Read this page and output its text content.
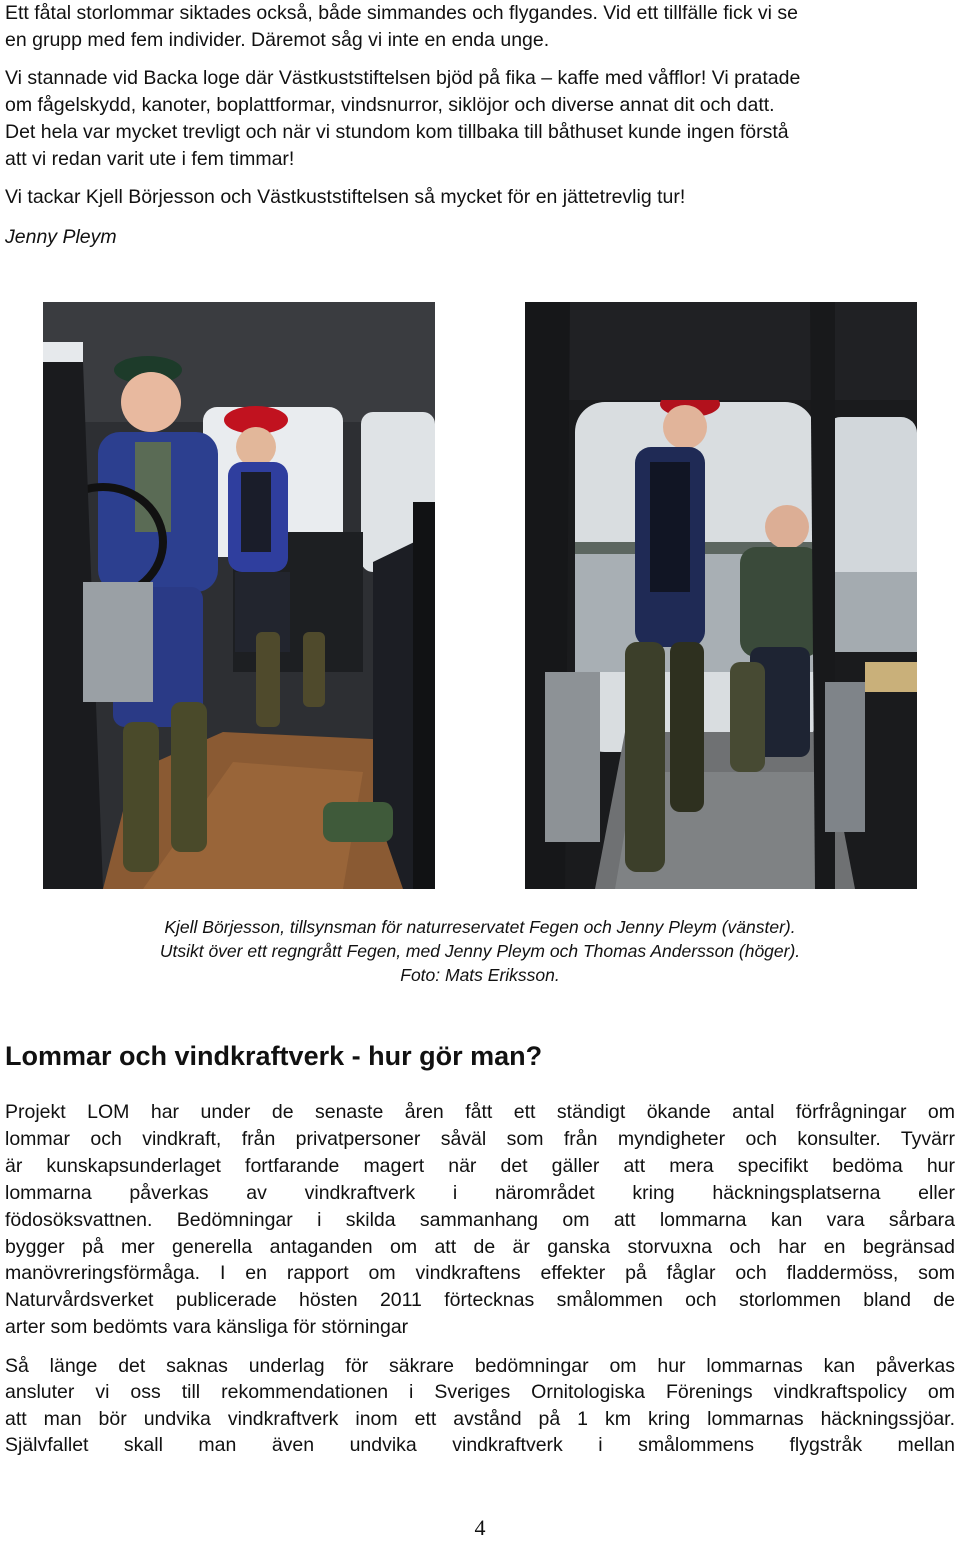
Ett fåtal storlommar siktades också, både simmandes och flygandes. Vid ett tillfälle fick vi se
en grupp med fem individer. Däremot såg vi inte en enda unge.
Vi stannade vid Backa loge där Västkuststiftelsen bjöd på fika – kaffe med våfflor! Vi pratade
om fågelskydd, kanoter, boplattformar, vindsnurror, siklöjor och diverse annat dit och datt.
Det hela var mycket trevligt och när vi stundom kom tillbaka till båthuset kunde ingen förstå
att vi redan varit ute i fem timmar!
Vi tackar Kjell Börjesson och Västkuststiftelsen så mycket för en jättetrevlig tur!
Jenny Pleym
Kjell Börjesson, tillsynsman för naturreservatet Fegen och Jenny Pleym (vänster).
Utsikt över ett regngrått Fegen, med Jenny Pleym och Thomas Andersson (höger).
Foto: Mats Eriksson.
Lommar och vindkraftverk - hur gör man?
Projekt LOM har under de senaste åren fått ett ständigt ökande antal förfrågningar om
lommar och vindkraft, från privatpersoner såväl som från myndigheter och konsulter. Tyvärr
är kunskapsunderlaget fortfarande magert när det gäller att mera specifikt bedöma hur
lommarna påverkas av vindkraftverk i närområdet kring häckningsplatserna eller
födosöksvattnen. Bedömningar i skilda sammanhang om att lommarna kan vara sårbara
bygger på mer generella antaganden om att de är ganska storvuxna och har en begränsad
manövreringsförmåga. I en rapport om vindkraftens effekter på fåglar och fladdermöss, som
Naturvårdsverket publicerade hösten 2011 förtecknas smålommen och storlommen bland de
arter som bedömts vara känsliga för störningar
Så länge det saknas underlag för säkrare bedömningar om hur lommarnas kan påverkas
ansluter vi oss till rekommendationen i Sveriges Ornitologiska Förenings vindkraftspolicy om
att man bör undvika vindkraftverk inom ett avstånd på 1 km kring lommarnas häckningssjöar.
Självfallet skall man även undvika vindkraftverk i smålommens flygstråk mellan
4
